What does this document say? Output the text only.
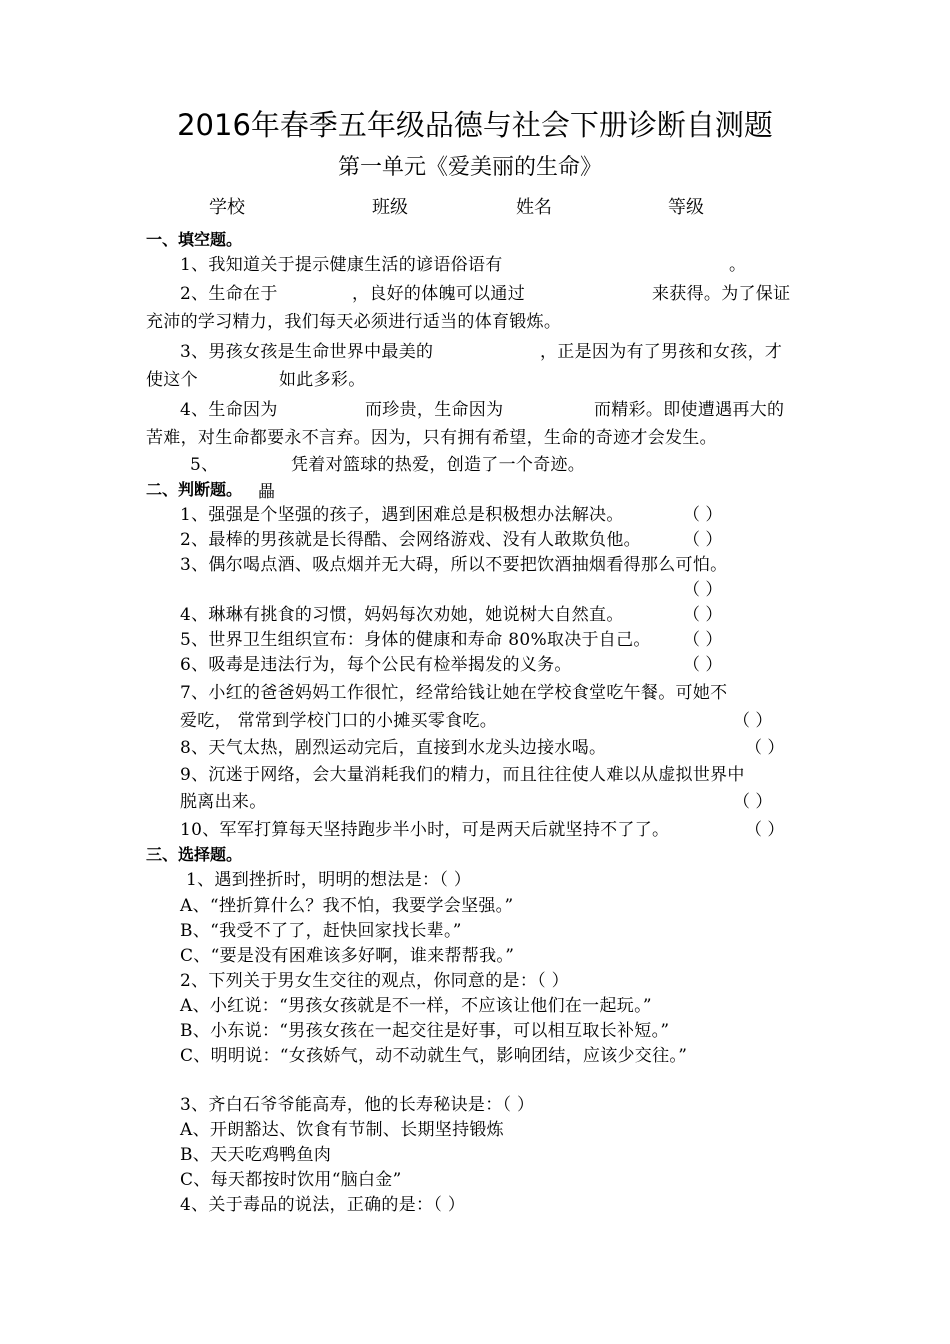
2016年春季五年级品德与社会下册诊断自测题
第一单元《爱美丽的生命》
学校	班级	姓名	等级
一、填空题。
1、我知道关于提示健康生活的谚语俗语有	。
2、生命在于	，良好的体魄可以通过	来获得。为了保证
充沛的学习精力，我们每天必须进行适当的体育锻炼。
3、男孩女孩是生命世界中最美的	，正是因为有了男孩和女孩，才
使这个	如此多彩。
4、生命因为	而珍贵，生命因为	而精彩。即使遭遇再大的
苦难，对生命都要永不言弃。因为，只有拥有希望，生命的奇迹才会发生。
5、	凭着对篮球的热爱，创造了一个奇迹。
二、判断题。 畾
1、强强是个坚强的孩子，遇到困难总是积极想办法解决。	（ ）
2、最棒的男孩就是长得酷、会网络游戏、没有人敢欺负他。 （ ）
3、偶尔喝点酒、吸点烟并无大碍，所以不要把饮酒抽烟看得那么可怕。
（ ）
4、琳琳有挑食的习惯，妈妈每次劝她，她说树大自然直。	（ ）
5、世界卫生组织宣布：身体的健康和寿命 80%取决于自己。 （ ）
6、吸毒是违法行为，每个公民有检举揭发的义务。	（ ）
7、小红的爸爸妈妈工作很忙，经常给钱让她在学校食堂吃午餐。可她不
爱吃， 常常到学校门口的小摊买零食吃。	（ ）
8、天气太热，剧烈运动完后，直接到水龙头边接水喝。	（ ）
9、沉迷于网络，会大量消耗我们的精力，而且往往使人难以从虚拟世界中
脱离出来。	（ ）
10、军军打算每天坚持跑步半小时，可是两天后就坚持不了了。	（ ）
三、选择题。
1、遇到挫折时，明明的想法是：（ ）
A、“挫折算什么？我不怕，我要学会坚强。”
B、“我受不了了，赶快回家找长辈。”
C、“要是没有困难该多好啊，谁来帮帮我。”
2、下列关于男女生交往的观点，你同意的是：（ ）
A、小红说：“男孩女孩就是不一样，不应该让他们在一起玩。”
B、小东说：“男孩女孩在一起交往是好事，可以相互取长补短。”
C、明明说：“女孩娇气，动不动就生气，影响团结，应该少交往。”
3、齐白石爷爷能高寿，他的长寿秘诀是：（ ）
A、开朗豁达、饮食有节制、长期坚持锻炼
B、天天吃鸡鸭鱼肉
C、每天都按时饮用“脑白金”
4、关于毒品的说法，正确的是：（ ）
